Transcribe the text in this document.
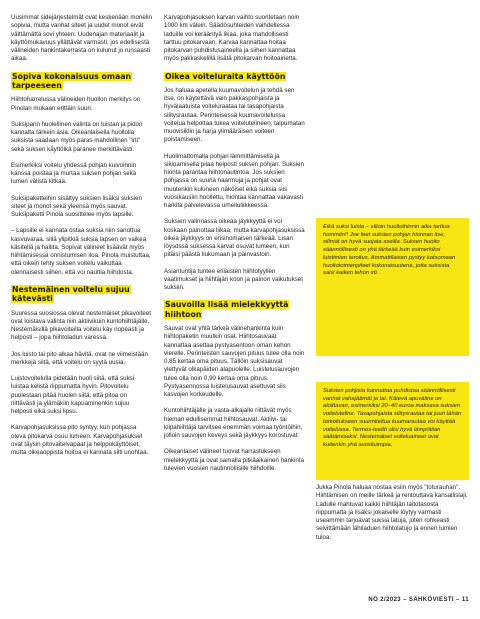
Uusimmat sidejärjestelmät ovat keskenään monelin sopivia, mutta vanhat siteet ja uudet monot eivät välttämättä sovi yhteen. Uudenajan materiaalit ja käyttömukavuus yllättävät varmasti, jos edellisestä välineiden hankintakerrasta on kulunut jo runsaasti aikaa.

Sopiva kokonaisuus omaan tarpeeseen

Hiihtoharrelussa välineiden huollon merkitys on Pinolan mukaan erittäin suuri.

Suksiparin huolellinen valinta on luistan ja pidon kannalta tärkein asia. Oikeanlaisella huollolla suksista saadaan myös paras mahdollinen "irti" sekä suksen käyttöikä paranee merkittävästi.

Esimerkiksi voitelu yhdessä pohjan kuivoinnin kanssa poistaa ja murtaa suksen pohjan sekä lumen välistä kitkaa.

Suksipaketteihin sisältyy suksien lisäksi suksien siteet ja monot sekä yleensä myös sauvat. Suksipaketti Pinola suosittelee myös lapsille.

– Lapsille ei kannata ostaa suksia niin sanottua kasvuvaraa, sillä ylipitkiä suksia lapsen on vaikea käsitellä ja hallita. Sopivat välineet lisäävät myös hiihtämisessä onnistumisen iloa. Pinola muistuttaa, että oikein tehty suksen voitelu vaikuttaa olennaisesti siihen, että voi nauttia hiihdosta.

Nestemäinen voitelu sujuu kätevästi

Suuressa suosiossa olevat nestemäiset pikavoiteet ovat loistava valinta niin aktiivikuin kuntohiihtäjälle. Nestemäisillä pikavoiteilla voitelu käy nopeasti ja helposti – jopa hiihtoladun varessa.

Jos luisto tai pito alkaa hävitä, ovat ne viimeistään merkkejä siitä, että voitelu on syytä uusia.

Luistovoitelulla pidetään huoli siitä, että suksi luistaa kelistä riippumatta hyvin. Pitovoitelu puolestaan pitää huolen siitä, että pitoa on riittävästi ja ylämäkiin kapuaminenkin sujuu helposti eikä suksi lipsu.

Karvapohjasuksissa pito syntyy, kun pohjassa oleva pitokarva osuu lumeen. Karvapohjasukset ovat täysin pitovaitelvapaat ja helppokäyttöiset, mutta oikeaoppista hoitoa ei kannata silti unohtaa.

Karvapohjasuksen karvan vaihto suoritetaan noin 1000 km välein. Säädösuhteiden vaihdellessa laduille voi kerääntyä likaa, joka mahdollisesti tarttuu pitokarvaan. Karvaa kannattaa hoitaa pitokarvan puhdistusaineella ja siihen kannattaa myös pakkaskelillä lisätä pitokarvan hoitoainetta.

Oikea voiteluraita käyttöön

Jos haluaa apetella kuumavoitelun ja tehdä sen itse, on käytettävä vain pakkaspohjaista ja hyvälaatuista voiteluraataa tai tasapohjaista silitysrautaa. Perinteisessä kuumavoitelussa voitelua helpottaa tukea voitelutelineen, taipumatan muovisiklin ja harja ylimääräisen voiteen poistamiseen.

Huolimattomalla pohjan lämmittämisellä ja sikloamisella pilaa helposti suksen pohjan. Suksien hionta parantaa hiihtonautintoa. Jos suksien pohjassa on suuria naarmuja ja pohjat ovat muutenkin kuluneen näköiset eikä suksia siis vuosikausiin huollettu, hiontaa kannattaa vakavasti harkita palvelevassa urheiluliikkeessä.

Suksien valinnassa oikeaa jäykkyyttä ei voi koskaan painottaa liikaa, mutta karvapohjasuksissa oikea jäykkyys on erisinomaisen tärkeää. Lisan löysdssä suksessa karvat osuvat lumeen, kun pitäisi päästä liukumaan ja päinvastoin.

Asiantuntija tuntee erilaisten hiihtotyylien vaatimukset ja hiihtäjän koon ja painon vaikutukset suksiin.

Sauvoilla lisää mielekkyyttä hiihtoon

Sauvat ovat yhtä tärkeä välinehankinta kuin hiihtopaketin muutkin osat. Hiihtosauvaat kannattaa asettaa pystyasentoon oman kehon vierelle. Perinteisten sauvojen pituus tulee olla noin 0,85 kertaa oma pituus. Tällöin suksisauvat ylettyvät olkapäiden alapuolelle. Luistelusauvojen tulee olla noin 0,90 kertaa oma pituus. Pystyasennossa luistelusauvat asettuvat siis kasvojen korkeudelle.

Kuntohiihtäjälle ja vasta-alkajalle riittävät myös hieman edullisemmat hiihtosauvat. Aktiivi- tai kilpahiihtäjä tarvitsee enemmän voimaa työntöihin, jolloin sauvojen keveys sekä jäykkyys korostuvat.

Oikeanlaiset välineet tuovat harrastukseen mielekkyyttä ja ovat samalla pitkäaikainen hankinta tulevien vuosien nautinnollisille hiihdoille.

Eikä suksi luista – silloin huoltoihinnin aika tarttua hommiin!! Joe feet suksien pohjan hionnan itse, sillmät on hyvä suojata aseilla. Suksen huolto säännöllisesti on yhä tärkeää kuin esimerkiksi luistimien teroitus. Ammattilaisen pystyy katsomaan huoltotoimenpiteet kokonaisuutena, jotta suksista saisi kaiken tehon irti.
Suksien pohjista kannattaa puhdistaa säännöllisesti vanhat vahajäämät ja lat. Kätevä apuväline on aloittavan, esimerkiksi 20–40 euroa maksava suksien voitelutellne. Tasapohjaista silitysrautaa tai juuri tähän tarkoitukseen suunniteltua kuumarautaa voi käyttää voitelussa. Termos-teeltti olisi hyvä lämpötilan säätämiseksi. Nestemäiset voiteluaineet ovat kuitenkin yhä suosituimpia.

Jukka Pinola haluaa nostaa esiin myös "toturauhan". Hiihtämisen on meille tärkeä ja rentouttava kansallislaji. Ladulle mahtuvat kaikki hiihtäjän taitotasosta riippumatta ja lisäksi jokaiselle löytyy varmasti useammin tarjoavat suksia latuja, joten rohkeasti selvittämään lähiladuen hiihtolatujo ja ennen lumien tuloa.

NO 2/2023 – SÄHKÖVIESTI – 11
